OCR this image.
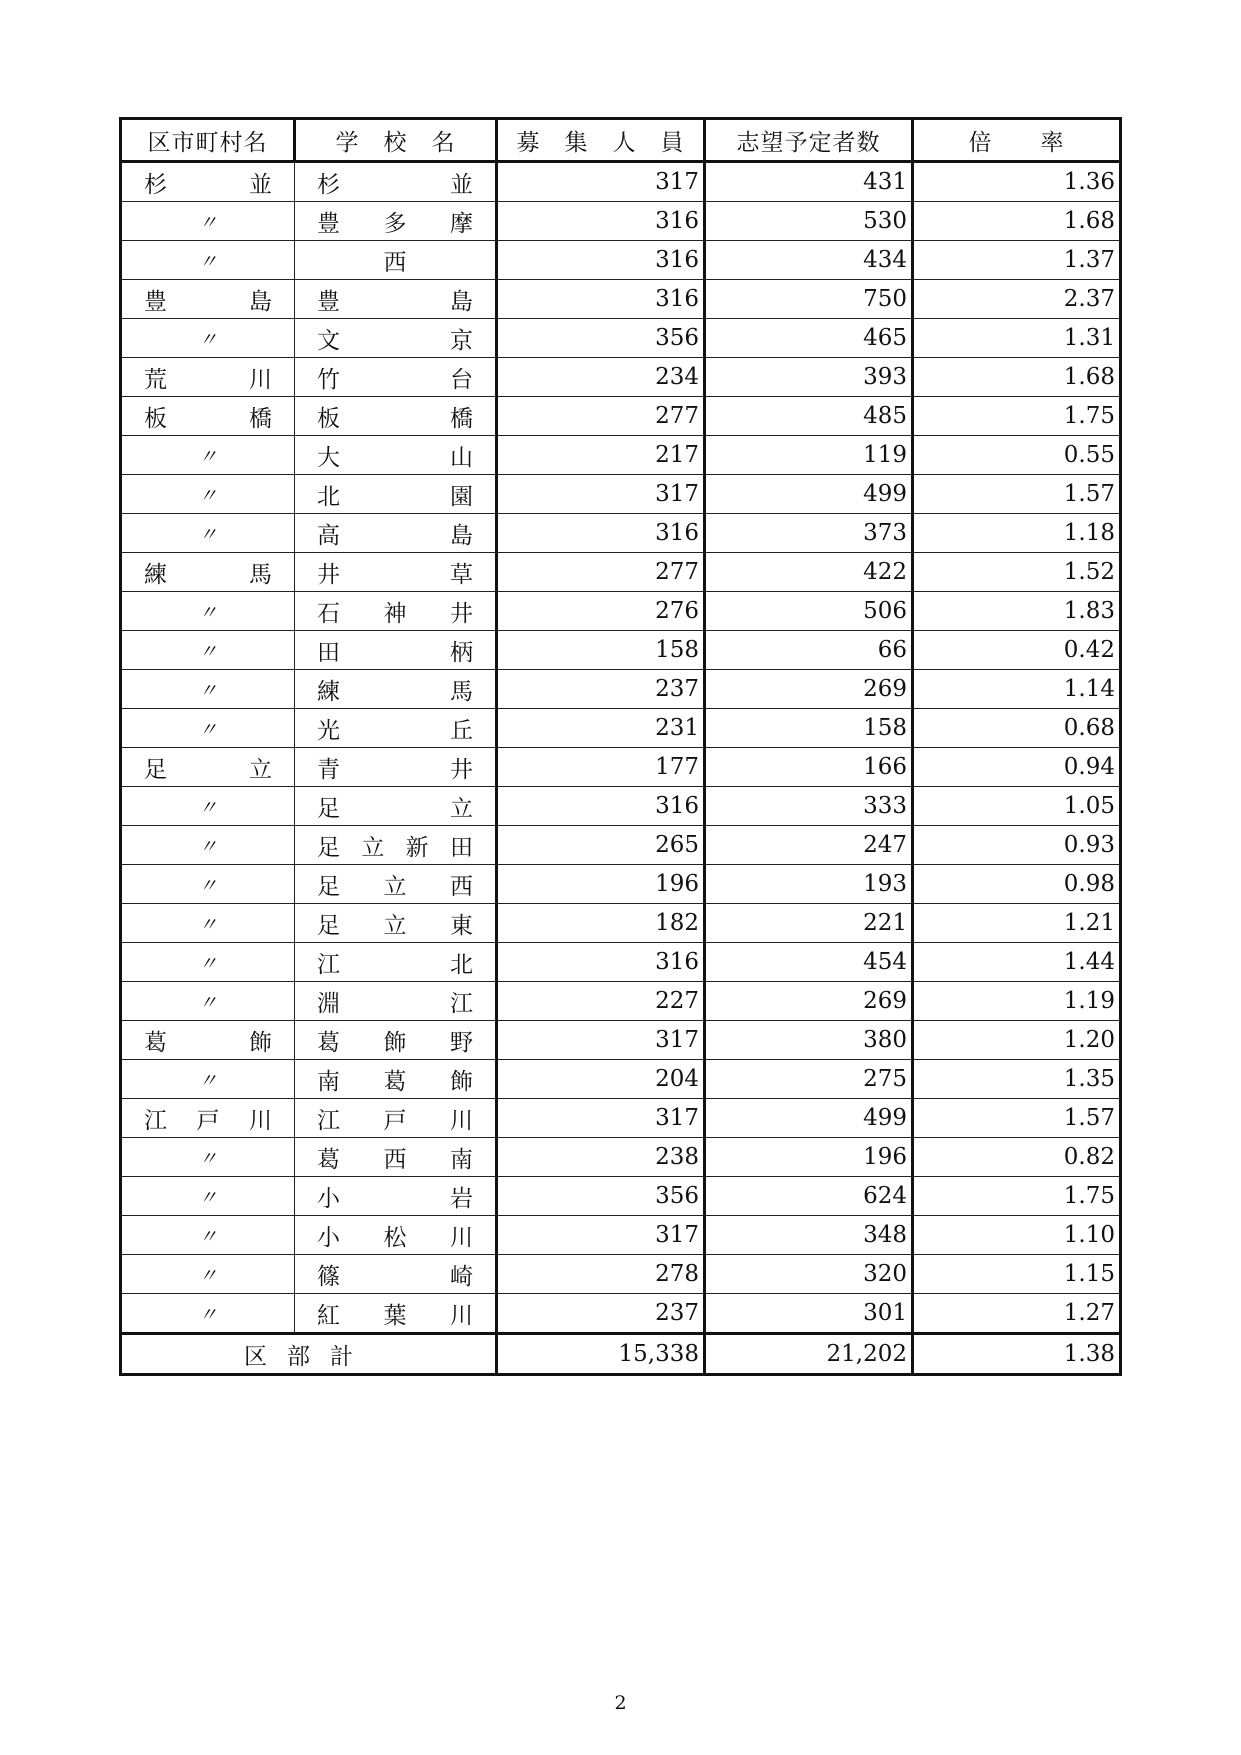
区市町村名	学　校　名	募　集　人　員	志望予定者数	倍　　率
杉並	杉並	317	431	1.36
〃	豊多摩	316	530	1.68
〃	西	316	434	1.37
豊島	豊島	316	750	2.37
〃	文京	356	465	1.31
荒川	竹台	234	393	1.68
板橋	板橋	277	485	1.75
〃	大山	217	119	0.55
〃	北園	317	499	1.57
〃	高島	316	373	1.18
練馬	井草	277	422	1.52
〃	石神井	276	506	1.83
〃	田柄	158	66	0.42
〃	練馬	237	269	1.14
〃	光丘	231	158	0.68
足立	青井	177	166	0.94
〃	足立	316	333	1.05
〃	足立新田	265	247	0.93
〃	足立西	196	193	0.98
〃	足立東	182	221	1.21
〃	江北	316	454	1.44
〃	淵江	227	269	1.19
葛飾	葛飾野	317	380	1.20
〃	南葛飾	204	275	1.35
江戸川	江戸川	317	499	1.57
〃	葛西南	238	196	0.82
〃	小岩	356	624	1.75
〃	小松川	317	348	1.10
〃	篠崎	278	320	1.15
〃	紅葉川	237	301	1.27
区部計		15,338	21,202	1.38
2
